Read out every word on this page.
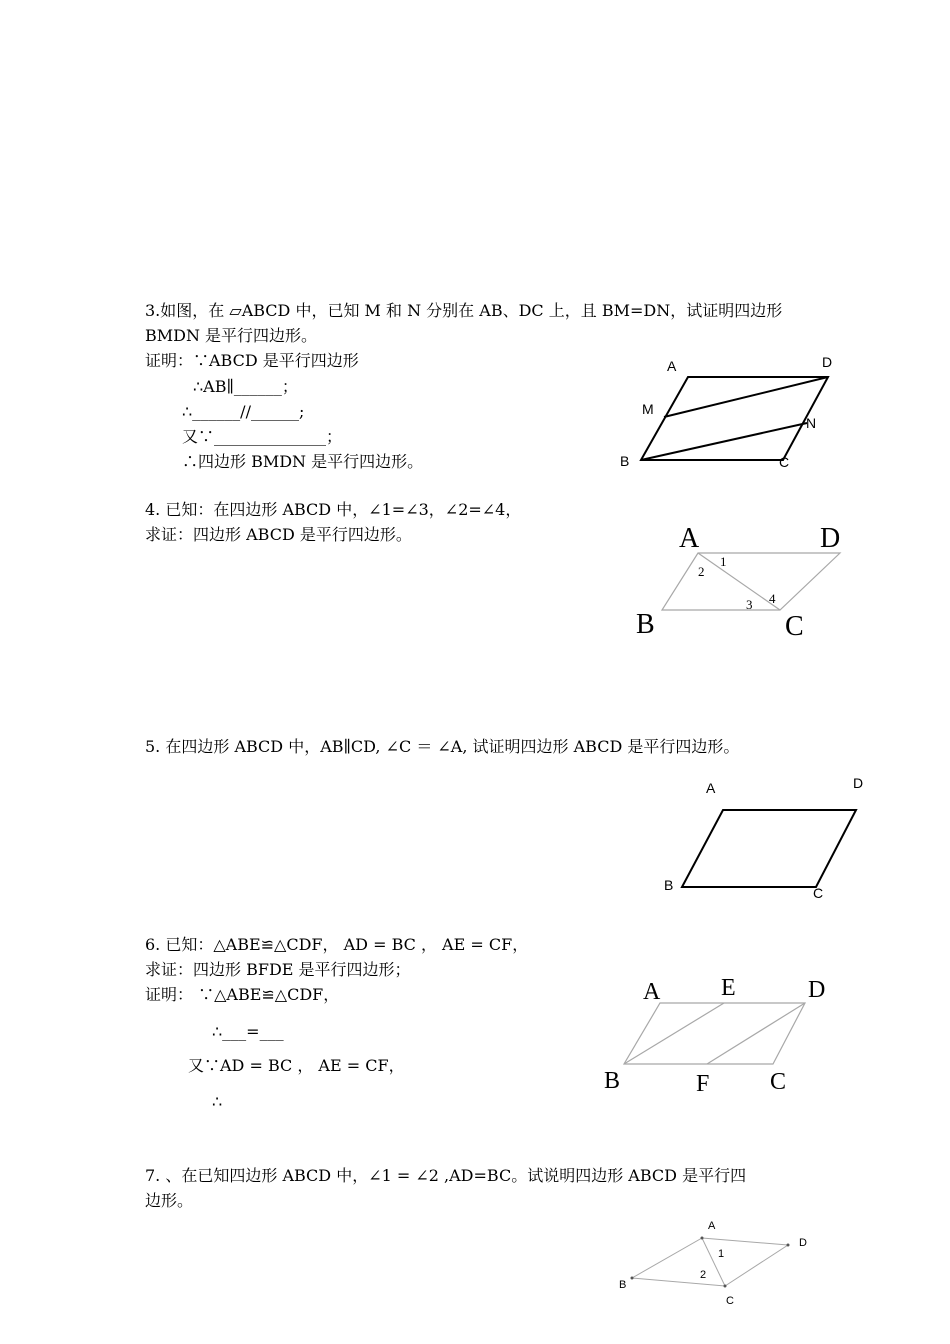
3.如图，在 ▱ABCD 中，已知 M 和 N 分别在 AB、DC 上，且 BM=DN，试证明四边形
BMDN 是平行四边形。
证明：∵ABCD 是平行四边形
∴AB∥______；
∴______//______;
又∵______________；
∴四边形 BMDN 是平行四边形。
A	D
M
N
B	C
4. 已知：在四边形 ABCD 中，∠1=∠3，∠2=∠4，
求证：四边形 ABCD 是平行四边形。	A	D
B	C
1
2
3 4
5. 在四边形 ABCD 中，AB∥CD, ∠C ＝ ∠A, 试证明四边形 ABCD 是平行四边形。
A	D
B	C
6. 已知：△ABE≌△CDF， AD = BC ， AE = CF，
求证：四边形 BFDE 是平行四边形；
证明： ∵△ABE≌△CDF，
∴___=___
又∵AD = BC ， AE = CF，
∴
A	E	D
B	F	C
7. 、在已知四边形 ABCD 中，∠1 = ∠2 ,AD=BC。试说明四边形 ABCD 是平行四
边形。
A
D
B
C
1
2
